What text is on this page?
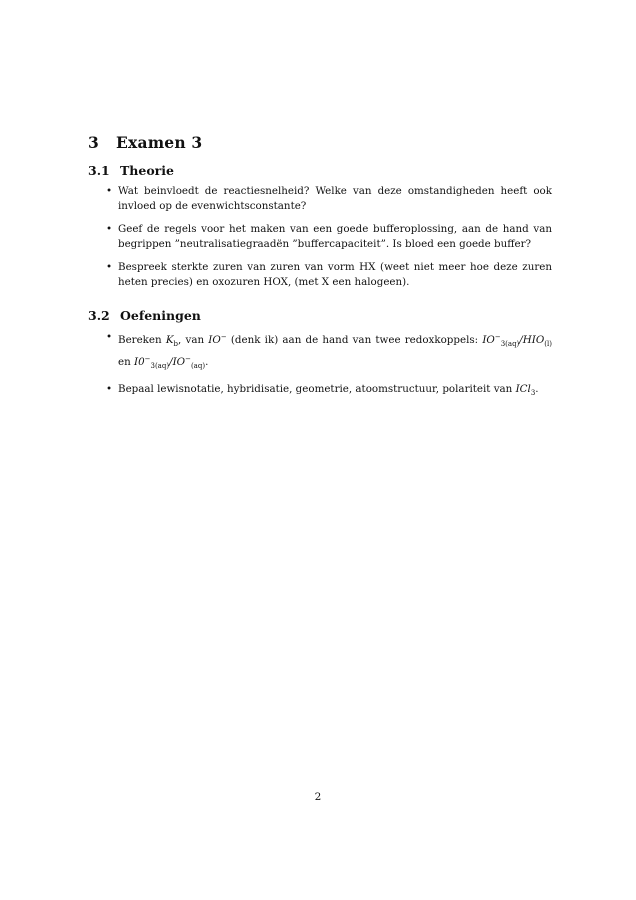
3 Examen 3
3.1 Theorie
• Wat beinvloedt de reactiesnelheid? Welke van deze omstandigheden heeft ook invloed op de evenwichtsconstante?
• Geef de regels voor het maken van een goede bufferoplossing, aan de hand van begrippen ”neutralisatiegraadën ”buffercapaciteit”. Is bloed een goede buffer?
• Bespreek sterkte zuren van zuren van vorm HX (weet niet meer hoe deze zuren heten precies) en oxozuren HOX, (met X een halogeen).
3.2 Oefeningen
• Bereken $K_b$, van IO− (denk ik) aan de hand van twee redoxkoppels: $IO^-_{3(aq)}/HIO_{(l)}$ en $I0^-_{3(aq)}/IO^-_{(aq)}$.
• Bepaal lewisnotatie, hybridisatie, geometrie, atoomstructuur, polariteit van ICl$_3$.
2
